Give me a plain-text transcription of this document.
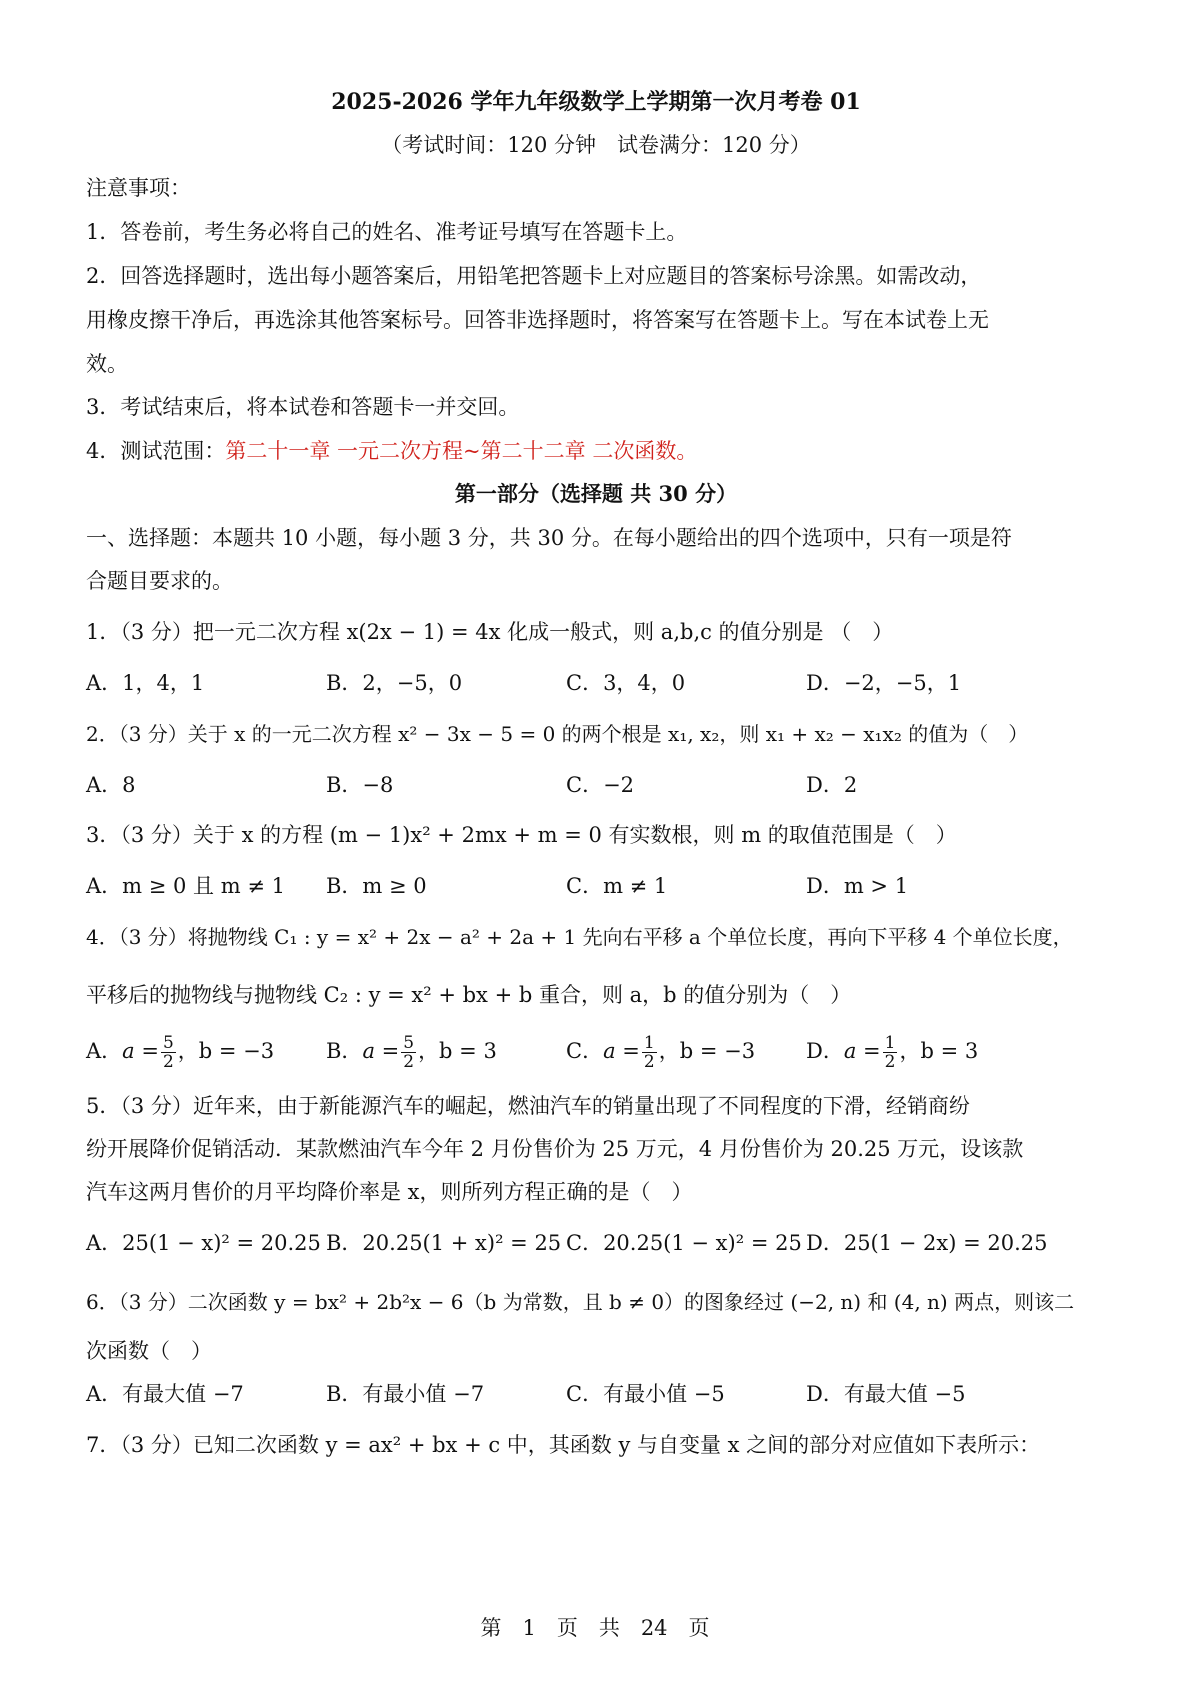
2025-2026 学年九年级数学上学期第一次月考卷 01
（考试时间：120 分钟　试卷满分：120 分）
注意事项：
1．答卷前，考生务必将自己的姓名、准考证号填写在答题卡上。
2．回答选择题时，选出每小题答案后，用铅笔把答题卡上对应题目的答案标号涂黑。如需改动，
用橡皮擦干净后，再选涂其他答案标号。回答非选择题时，将答案写在答题卡上。写在本试卷上无
效。
3．考试结束后，将本试卷和答题卡一并交回。
4．测试范围：第二十一章 一元二次方程~第二十二章 二次函数。
第一部分（选择题 共 30 分）
一、选择题：本题共 10 小题，每小题 3 分，共 30 分。在每小题给出的四个选项中，只有一项是符
合题目要求的。
1．（3 分）把一元二次方程 x(2x − 1) = 4x 化成一般式，则 a,b,c 的值分别是 （　）
A．1，4，1	B．2，−5，0	C．3，4，0	D．−2，−5，1
2．（3 分）关于 x 的一元二次方程 x² − 3x − 5 = 0 的两个根是 x₁, x₂，则 x₁ + x₂ − x₁x₂ 的值为（　）
A．8	B．−8	C．−2	D．2
3．（3 分）关于 x 的方程 (m − 1)x² + 2mx + m = 0 有实数根，则 m 的取值范围是（　）
A．m ≥ 0 且 m ≠ 1 B．m ≥ 0	C．m ≠ 1	D．m > 1
4．（3 分）将抛物线 C₁ : y = x² + 2x − a² + 2a + 1 先向右平移 a 个单位长度，再向下平移 4 个单位长度，
平移后的抛物线与抛物线 C₂ : y = x² + bx + b 重合，则 a，b 的值分别为（　）
A．$a = \frac{5}{2}$ ，b = −3 B．$a = \frac{5}{2}$ ，b = 3	C．$a = \frac{1}{2}$ ，b = −3 D．$a = \frac{1}{2}$ ，b = 3
5．（3 分）近年来，由于新能源汽车的崛起，燃油汽车的销量出现了不同程度的下滑，经销商纷
纷开展降价促销活动．某款燃油汽车今年 2 月份售价为 25 万元，4 月份售价为 20.25 万元，设该款
汽车这两月售价的月平均降价率是 x，则所列方程正确的是（　）
A．25(1 − x)² = 20.25 B．20.25(1 + x)² = 25 C．20.25(1 − x)² = 25 D．25(1 − 2x) = 20.25
6．（3 分）二次函数 y = bx² + 2b²x − 6（b 为常数，且 b ≠ 0）的图象经过 (−2, n) 和 (4, n) 两点，则该二
次函数（　）
A．有最大值 −7	B．有最小值 −7	C．有最小值 −5	D．有最大值 −5
7．（3 分）已知二次函数 y = ax² + bx + c 中，其函数 y 与自变量 x 之间的部分对应值如下表所示：
第　1　页　共　24　页
